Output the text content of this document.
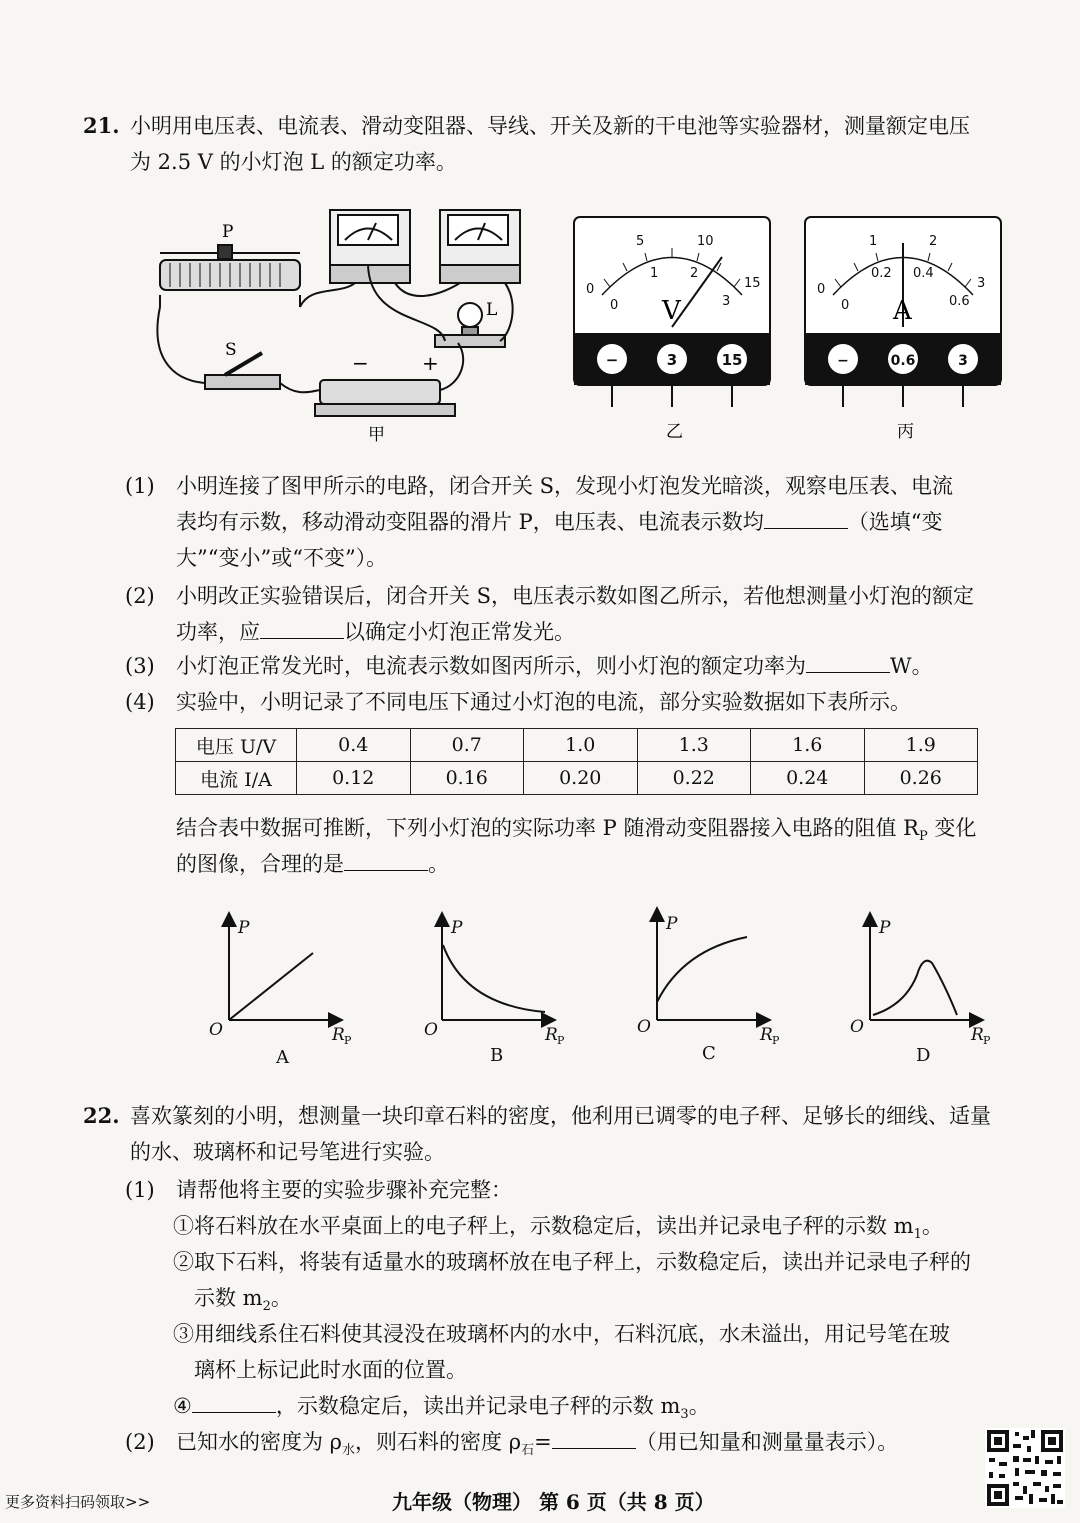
21. 小明用电压表、电流表、滑动变阻器、导线、开关及新的干电池等实验器材，测量额定电压
为 2.5 V 的小灯泡 L 的额定功率。
P
S
L
−	+
甲
0
5	10
15
0
1 2
3
V
−	3	15
乙
0
1	2
3
0
0.2 0.4
0.6
A
−	0.6	3
丙
(1) 小明连接了图甲所示的电路，闭合开关 S，发现小灯泡发光暗淡，观察电压表、电流
表均有示数，移动滑动变阻器的滑片 P，电压表、电流表示数均	（选填“变
大”“变小”或“不变”）。
(2) 小明改正实验错误后，闭合开关 S，电压表示数如图乙所示，若他想测量小灯泡的额定
功率，应	以确定小灯泡正常发光。
(3) 小灯泡正常发光时，电流表示数如图丙所示，则小灯泡的额定功率为	W。
(4) 实验中，小明记录了不同电压下通过小灯泡的电流，部分实验数据如下表所示。
电压 U/V	0.4	0.7	1.0	1.3	1.6	1.9
电流 I/A	0.12	0.16	0.20	0.22	0.24	0.26
结合表中数据可推断，下列小灯泡的实际功率 P 随滑动变阻器接入电路的阻值 $R_P$ 变化
的图像，合理的是	。
P
O	R
P
O	R
P
O	R
P
O	R
P	P	P	P
A	B	C	D
22. 喜欢篆刻的小明，想测量一块印章石料的密度，他利用已调零的电子秤、足够长的细线、适量
的水、玻璃杯和记号笔进行实验。
(1) 请帮他将主要的实验步骤补充完整：
①将石料放在水平桌面上的电子秤上，示数稳定后，读出并记录电子秤的示数 $m_1$。
②取下石料，将装有适量水的玻璃杯放在电子秤上，示数稳定后，读出并记录电子秤的
示数 $m_2$。
③用细线系住石料使其浸没在玻璃杯内的水中，石料沉底，水未溢出，用记号笔在玻
璃杯上标记此时水面的位置。
④	，示数稳定后，读出并记录电子秤的示数 $m_3$。
(2) 已知水的密度为 $\rho_水$，则石料的密度 $\rho_石=$	（用已知量和测量量表示）。
更多资料扫码领取>>	九年级（物理） 第 6 页（共 8 页）
